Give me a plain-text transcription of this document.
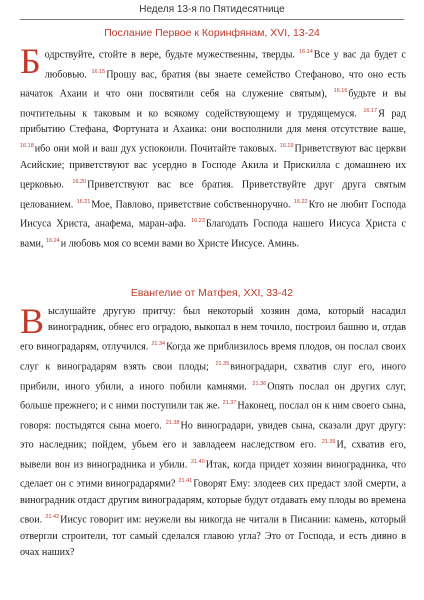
Неделя 13-я по Пятидесятнице
Послание Первое к Коринфянам, XVI, 13-24
Б одрствуйте, стойте в вере, будьте мужественны, тверды. $^{16.14}$Все у вас да будет с любовью. $^{16.15}$Прошу вас, братия (вы знаете семейство Стефаново, что оно есть начаток Ахаии и что они посвятили себя на служение святым), $^{16.16}$будьте и вы почтительны к таковым и ко всякому содействующему и трудящемуся. $^{16.17}$Я рад прибытию Стефана, Фортуната и Ахаика: они восполнили для меня отсутствие ваше, $^{16.18}$ибо они мой и ваш дух успокоили. Почитайте таковых. $^{16.19}$Приветствуют вас церкви Асийские; приветствуют вас усердно в Господе Акила и Прискилла с домашнею их церковью. $^{16.20}$Приветствуют вас все братия. Приветствуйте друг друга святым целованием. $^{16.21}$Мое, Павлово, приветствие собственноручно. $^{16.22}$Кто не любит Господа Иисуса Христа, анафема, маран-афа. $^{16.23}$Благодать Господа нашего Иисуса Христа с вами, $^{16.24}$и любовь моя со всеми вами во Христе Иисусе. Аминь.
Евангелие от Матфея, XXI, 33-42
В ыслушайте другую притчу: был некоторый хозяин дома, который насадил виноградник, обнес его оградою, выкопал в нем точило, построил башню и, отдав его виноградарям, отлучился. $^{21.34}$Когда же приблизилось время плодов, он послал своих слуг к виноградарям взять свои плоды; $^{21.35}$виноградари, схватив слуг его, иного прибили, иного убили, а иного побили камнями. $^{21.36}$Опять послал он других слуг, больше прежнего; и с ними поступили так же. $^{21.37}$Наконец, послал он к ним своего сына, говоря: постыдятся сына моего. $^{21.38}$Но виноградари, увидев сына, сказали друг другу: это наследник; пойдем, убьем его и завладеем наследством его. $^{21.39}$И, схватив его, вывели вон из виноградника и убили. $^{21.40}$Итак, когда придет хозяин виноградника, что сделает он с этими виноградарями? $^{21.41}$Говорят Ему: злодеев сих предаст злой смерти, а виноградник отдаст другим виноградарям, которые будут отдавать ему плоды во времена свои. $^{21.42}$Иисус говорит им: неужели вы никогда не читали в Писании: камень, который отвергли строители, тот самый сделался главою угла? Это от Господа, и есть дивно в очах наших?
